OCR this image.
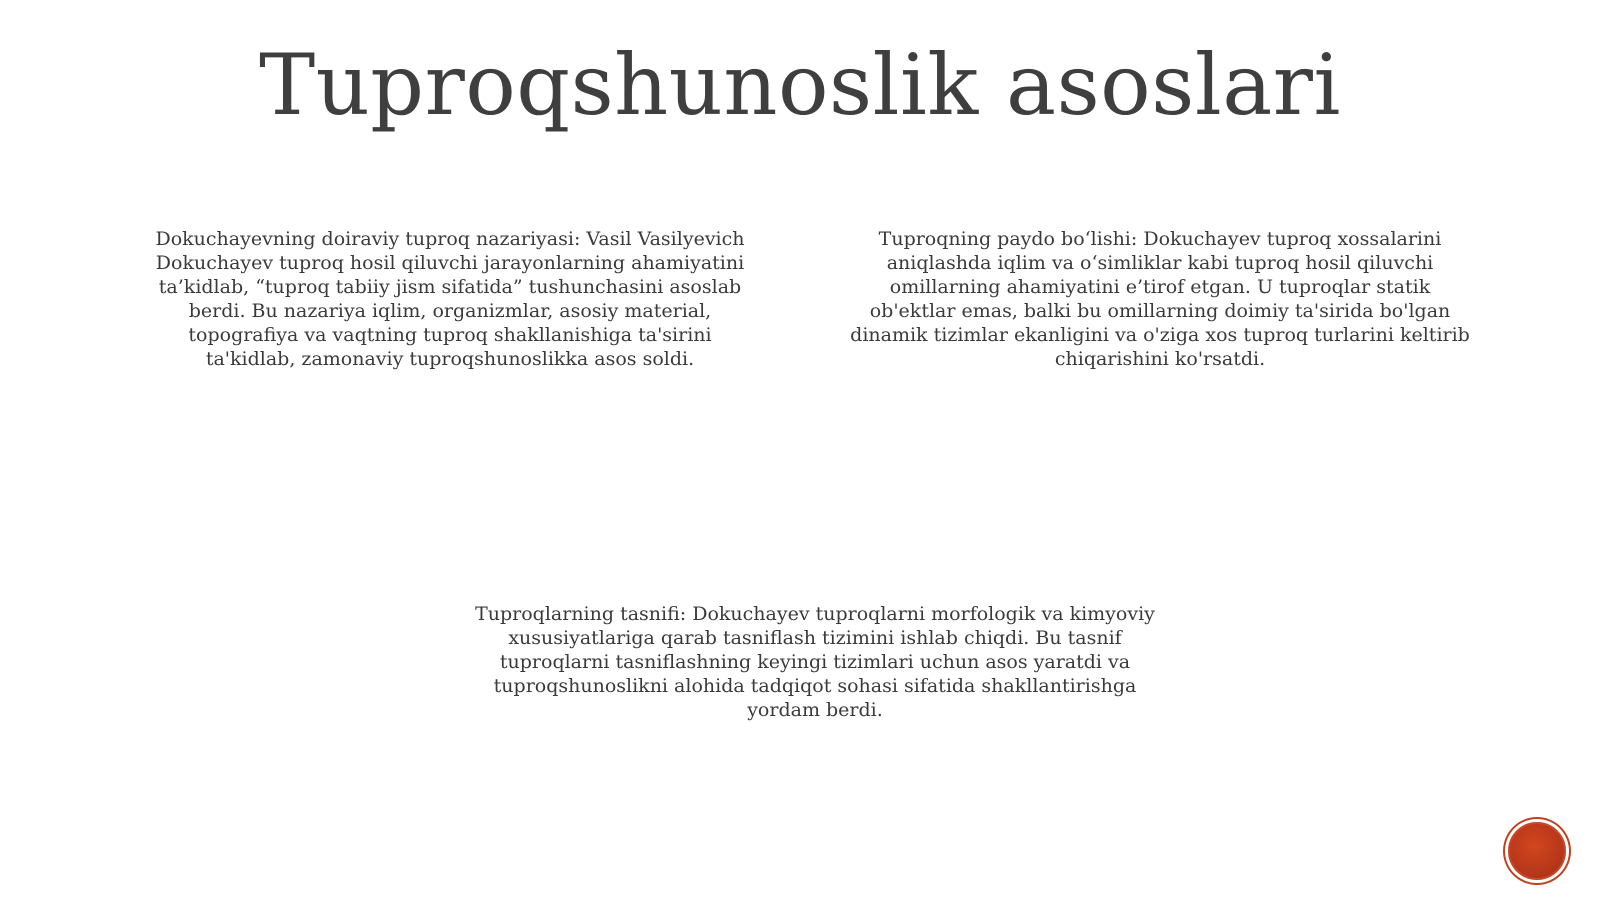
Tuproqshunoslik asoslari
Dokuchayevning doiraviy tuproq nazariyasi: Vasil Vasilyevich Dokuchayev tuproq hosil qiluvchi jarayonlarning ahamiyatini ta’kidlab, “tuproq tabiiy jism sifatida” tushunchasini asoslab berdi. Bu nazariya iqlim, organizmlar, asosiy material, topografiya va vaqtning tuproq shakllanishiga ta'sirini ta'kidlab, zamonaviy tuproqshunoslikka asos soldi.
Tuproqning paydo boʻlishi: Dokuchayev tuproq xossalarini aniqlashda iqlim va oʻsimliklar kabi tuproq hosil qiluvchi omillarning ahamiyatini e’tirof etgan. U tuproqlar statik ob'ektlar emas, balki bu omillarning doimiy ta'sirida bo'lgan dinamik tizimlar ekanligini va o'ziga xos tuproq turlarini keltirib chiqarishini ko'rsatdi.
Tuproqlarning tasnifi: Dokuchayev tuproqlarni morfologik va kimyoviy xususiyatlariga qarab tasniflash tizimini ishlab chiqdi. Bu tasnif tuproqlarni tasniflashning keyingi tizimlari uchun asos yaratdi va tuproqshunoslikni alohida tadqiqot sohasi sifatida shakllantirishga yordam berdi.
